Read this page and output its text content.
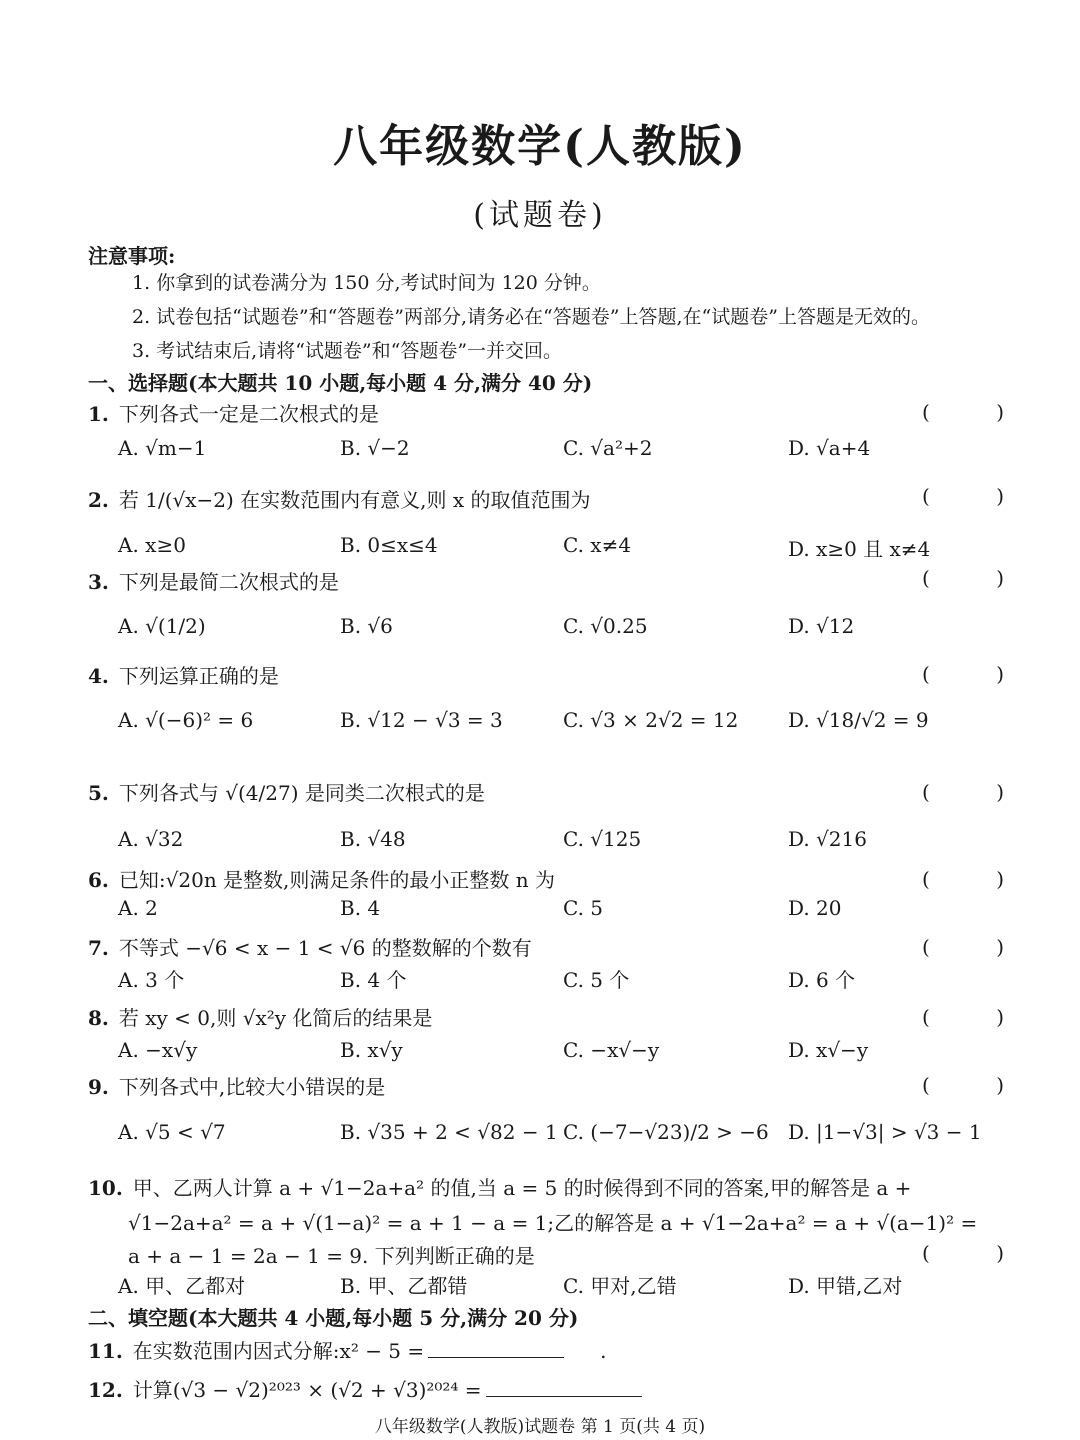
八年级数学(人教版)
(试题卷)
注意事项:
1. 你拿到的试卷满分为 150 分,考试时间为 120 分钟。
2. 试卷包括“试题卷”和“答题卷”两部分,请务必在“答题卷”上答题,在“试题卷”上答题是无效的。
3. 考试结束后,请将“试题卷”和“答题卷”一并交回。
一、选择题(本大题共 10 小题,每小题 4 分,满分 40 分)
1. 下列各式一定是二次根式的是	( )
A. √m−1	B. √−2	C. √a²+2	D. √a+4
2. 若 1/(√x−2) 在实数范围内有意义,则 x 的取值范围为	( )
A. x≥0	B. 0≤x≤4	C. x≠4	D. x≥0 且 x≠4
3. 下列是最简二次根式的是	( )
A. √(1/2)	B. √6	C. √0.25	D. √12
4. 下列运算正确的是	( )
A. √(−6)² = 6	B. √12 − √3 = 3	C. √3 × 2√2 = 12 D. √18/√2 = 9
5. 下列各式与 √(4/27) 是同类二次根式的是	( )
A. √32	B. √48	C. √125	D. √216
6. 已知:√20n 是整数,则满足条件的最小正整数 n 为	( )
A. 2	B. 4	C. 5	D. 20
7. 不等式 −√6 < x − 1 < √6 的整数解的个数有	( )
A. 3 个	B. 4 个	C. 5 个	D. 6 个
8. 若 xy < 0,则 √x²y 化简后的结果是	( )
A. −x√y	B. x√y	C. −x√−y	D. x√−y
9. 下列各式中,比较大小错误的是	( )
A. √5 < √7	B. √35 + 2 < √82 − 1 C. (−7−√23)/2 > −6 D. |1−√3| > √3 − 1
10. 甲、乙两人计算 a + √1−2a+a² 的值,当 a = 5 的时候得到不同的答案,甲的解答是 a +
√1−2a+a² = a + √(1−a)² = a + 1 − a = 1;乙的解答是 a + √1−2a+a² = a + √(a−1)² =
a + a − 1 = 2a − 1 = 9. 下列判断正确的是	( )
A. 甲、乙都对	B. 甲、乙都错	C. 甲对,乙错	D. 甲错,乙对
二、填空题(本大题共 4 小题,每小题 5 分,满分 20 分)
11. 在实数范围内因式分解:x² − 5 =	.
12. 计算(√3 − √2)²⁰²³ × (√2 + √3)²⁰²⁴ =
八年级数学(人教版)试题卷 第 1 页(共 4 页)
